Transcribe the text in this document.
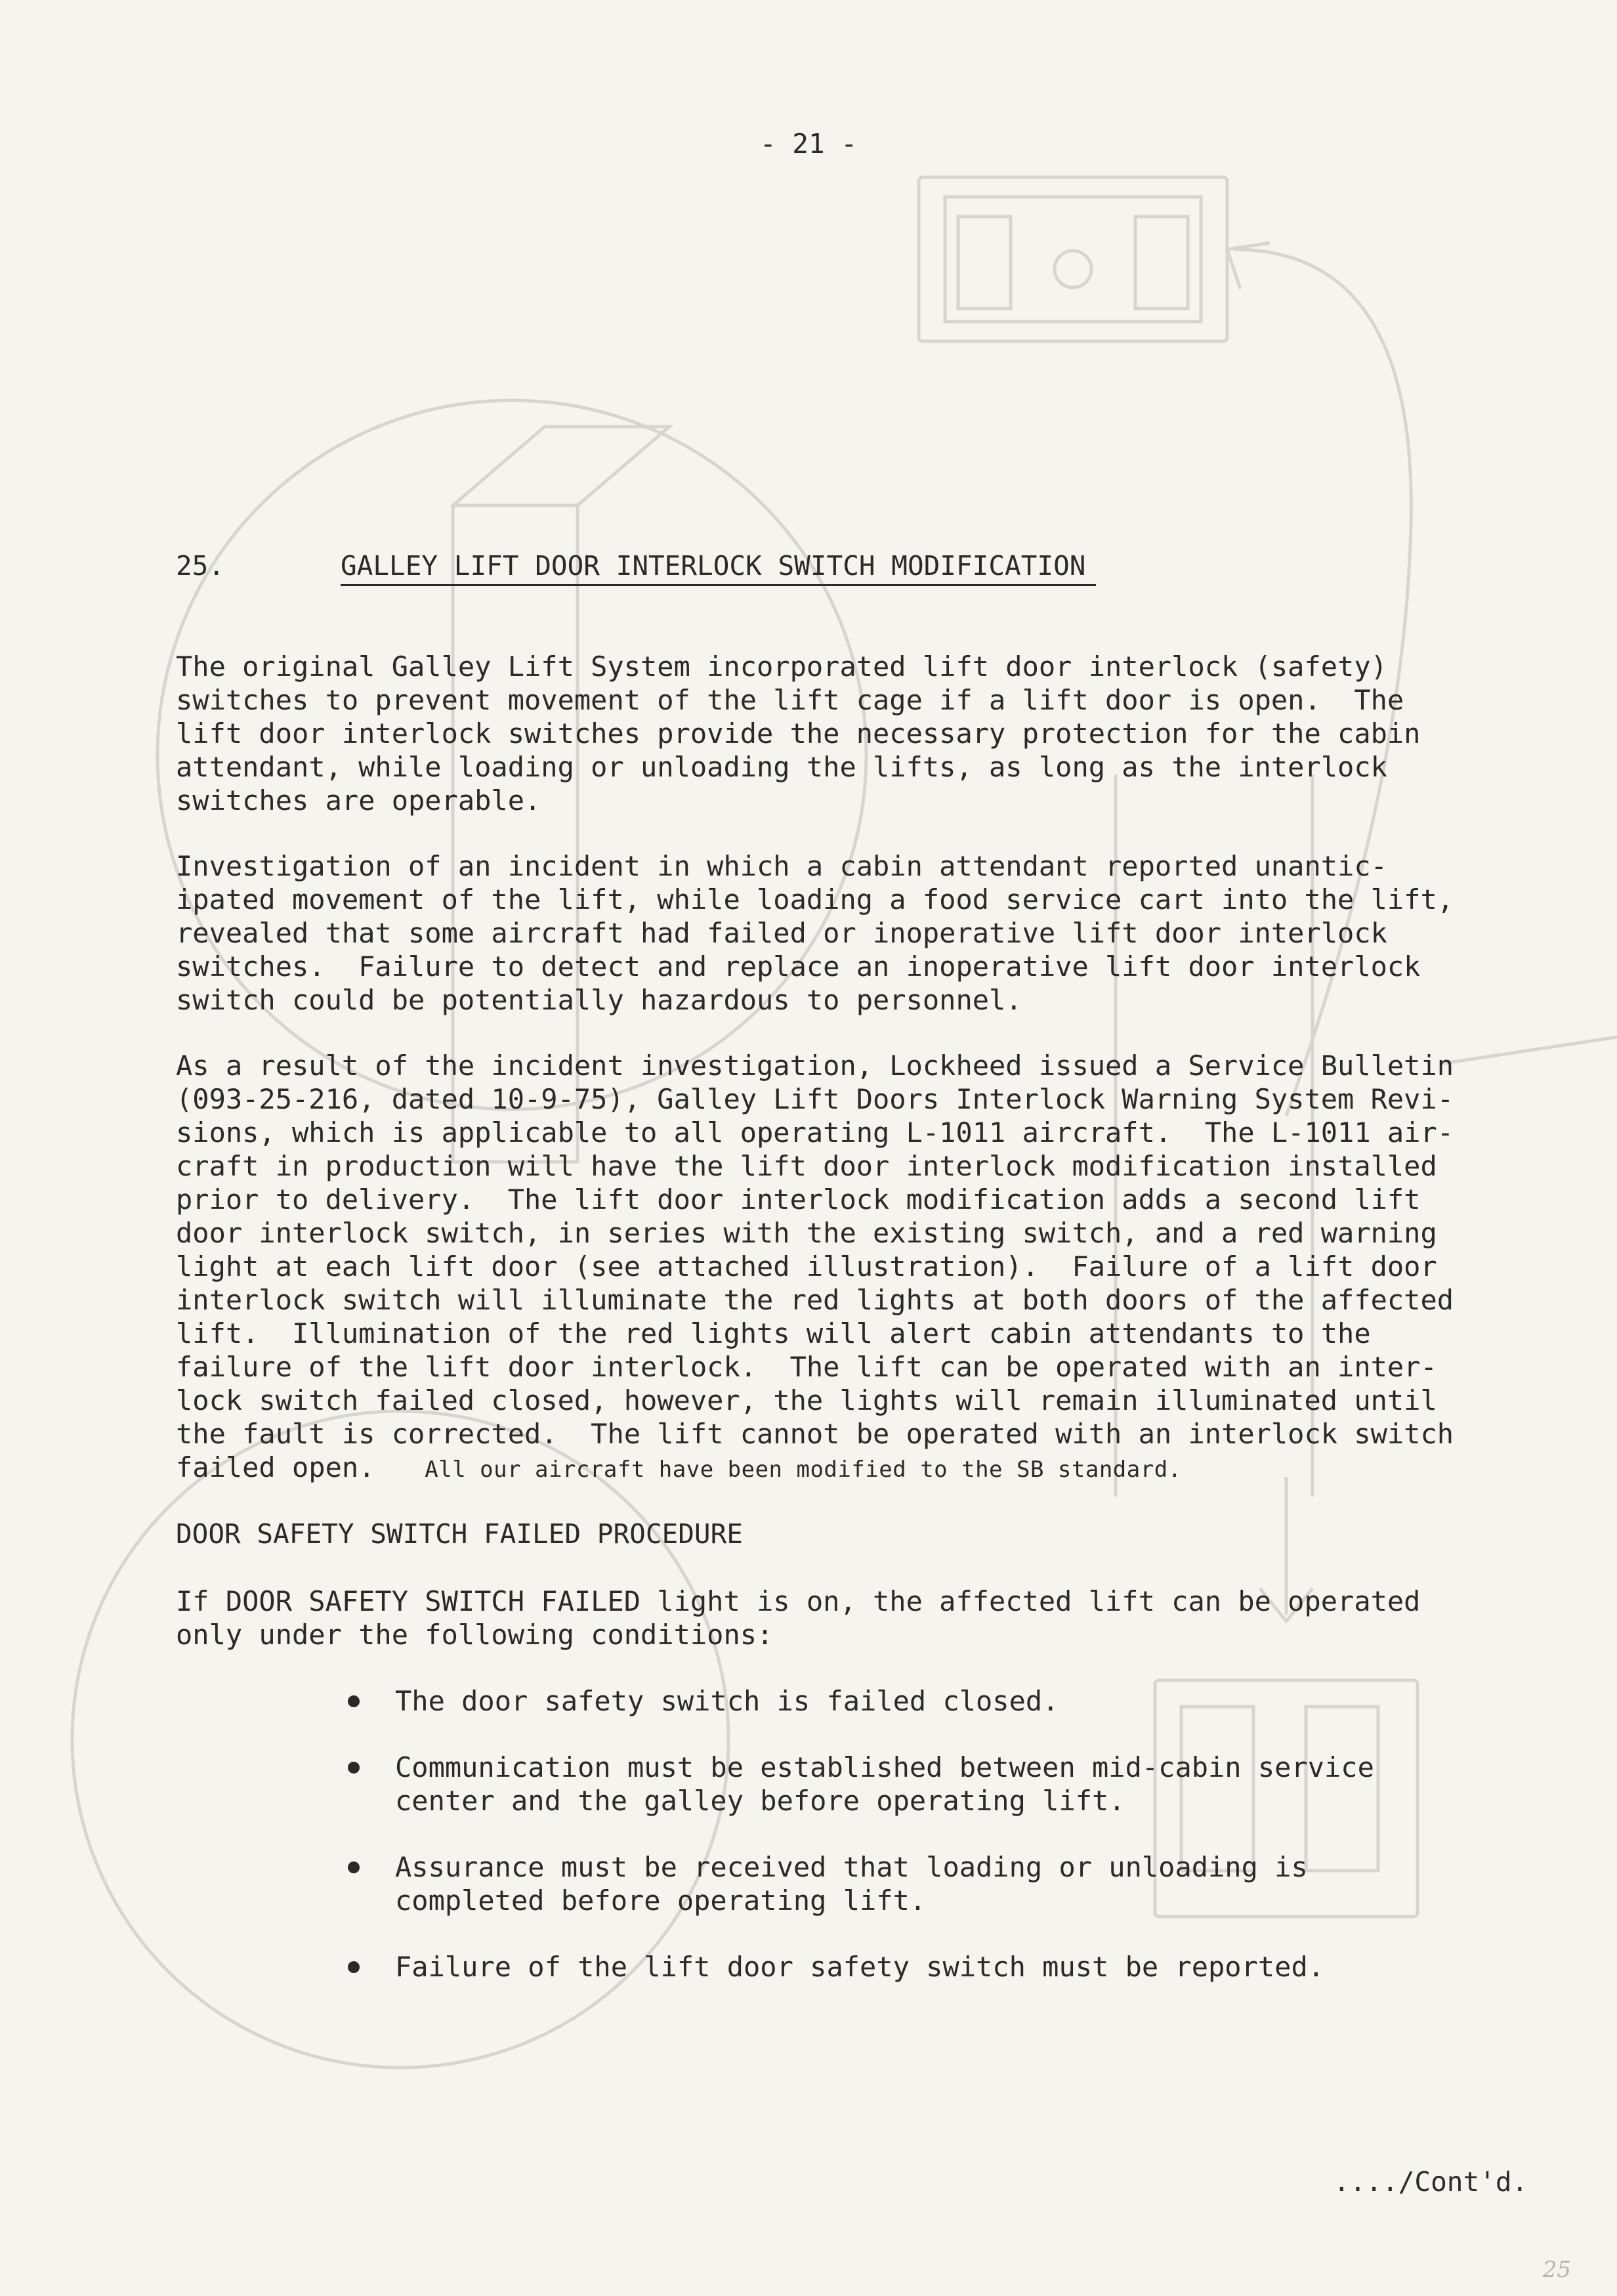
- 21 -
25.	GALLEY LIFT DOOR INTERLOCK SWITCH MODIFICATION

The original Galley Lift System incorporated lift door interlock (safety)
switches to prevent movement of the lift cage if a lift door is open.  The
lift door interlock switches provide the necessary protection for the cabin
attendant, while loading or unloading the lifts, as long as the interlock
switches are operable.

Investigation of an incident in which a cabin attendant reported unantic-
ipated movement of the lift, while loading a food service cart into the lift,
revealed that some aircraft had failed or inoperative lift door interlock
switches.  Failure to detect and replace an inoperative lift door interlock
switch could be potentially hazardous to personnel.

As a result of the incident investigation, Lockheed issued a Service Bulletin
(093-25-216, dated 10-9-75), Galley Lift Doors Interlock Warning System Revi-
sions, which is applicable to all operating L-1011 aircraft.  The L-1011 air-
craft in production will have the lift door interlock modification installed
prior to delivery.  The lift door interlock modification adds a second lift
door interlock switch, in series with the existing switch, and a red warning
light at each lift door (see attached illustration).  Failure of a lift door
interlock switch will illuminate the red lights at both doors of the affected
lift.  Illumination of the red lights will alert cabin attendants to the
failure of the lift door interlock.  The lift can be operated with an inter-
lock switch failed closed, however, the lights will remain illuminated until
the fault is corrected.  The lift cannot be operated with an interlock switch
failed open. All our aircraft have been modified to the SB standard.
DOOR SAFETY SWITCH FAILED PROCEDURE

If DOOR SAFETY SWITCH FAILED light is on, the affected lift can be operated
only under the following conditions:

The door safety switch is failed closed.
Communication must be established between mid-cabin service
center and the galley before operating lift.
Assurance must be received that loading or unloading is
completed before operating lift.
Failure of the lift door safety switch must be reported.
..../Cont'd.
25
